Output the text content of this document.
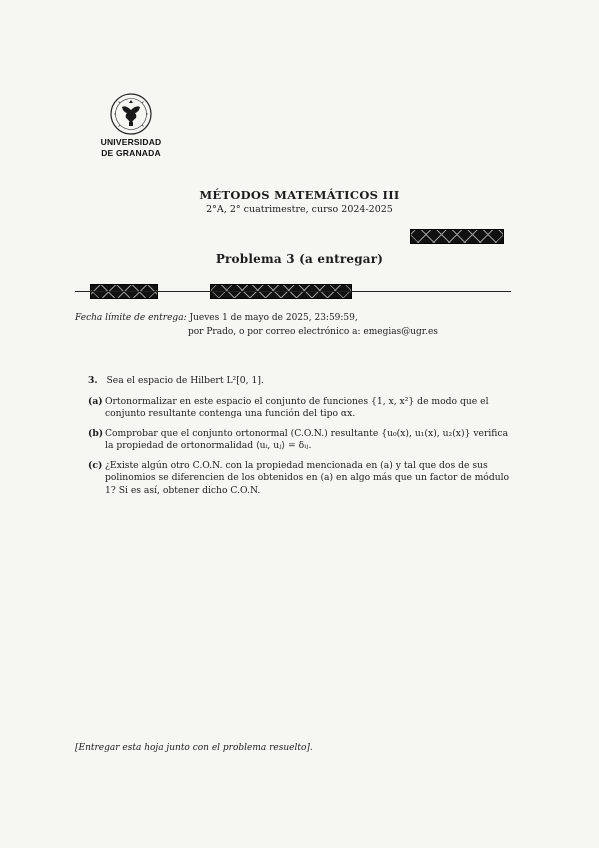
UNIVERSIDAD
DE GRANADA
MÉTODOS MATEMÁTICOS III
2°A, 2° cuatrimestre, curso 2024-2025
Problema 3 (a entregar)
Fecha límite de entrega: Jueves 1 de mayo de 2025, 23:59:59,
por Prado, o por correo electrónico a: emegias@ugr.es
3. Sea el espacio de Hilbert L²[0, 1].
(a) Ortonormalizar en este espacio el conjunto de funciones {1, x, x²} de modo que el conjunto resultante contenga una función del tipo αx.
(b) Comprobar que el conjunto ortonormal (C.O.N.) resultante {u₀(x), u₁(x), u₂(x)} verifica la propiedad de ortonormalidad ⟨uᵢ, uⱼ⟩ = δᵢⱼ.
(c) ¿Existe algún otro C.O.N. con la propiedad mencionada en (a) y tal que dos de sus polinomios se diferencien de los obtenidos en (a) en algo más que un factor de módulo 1? Si es así, obtener dicho C.O.N.
[Entregar esta hoja junto con el problema resuelto].
